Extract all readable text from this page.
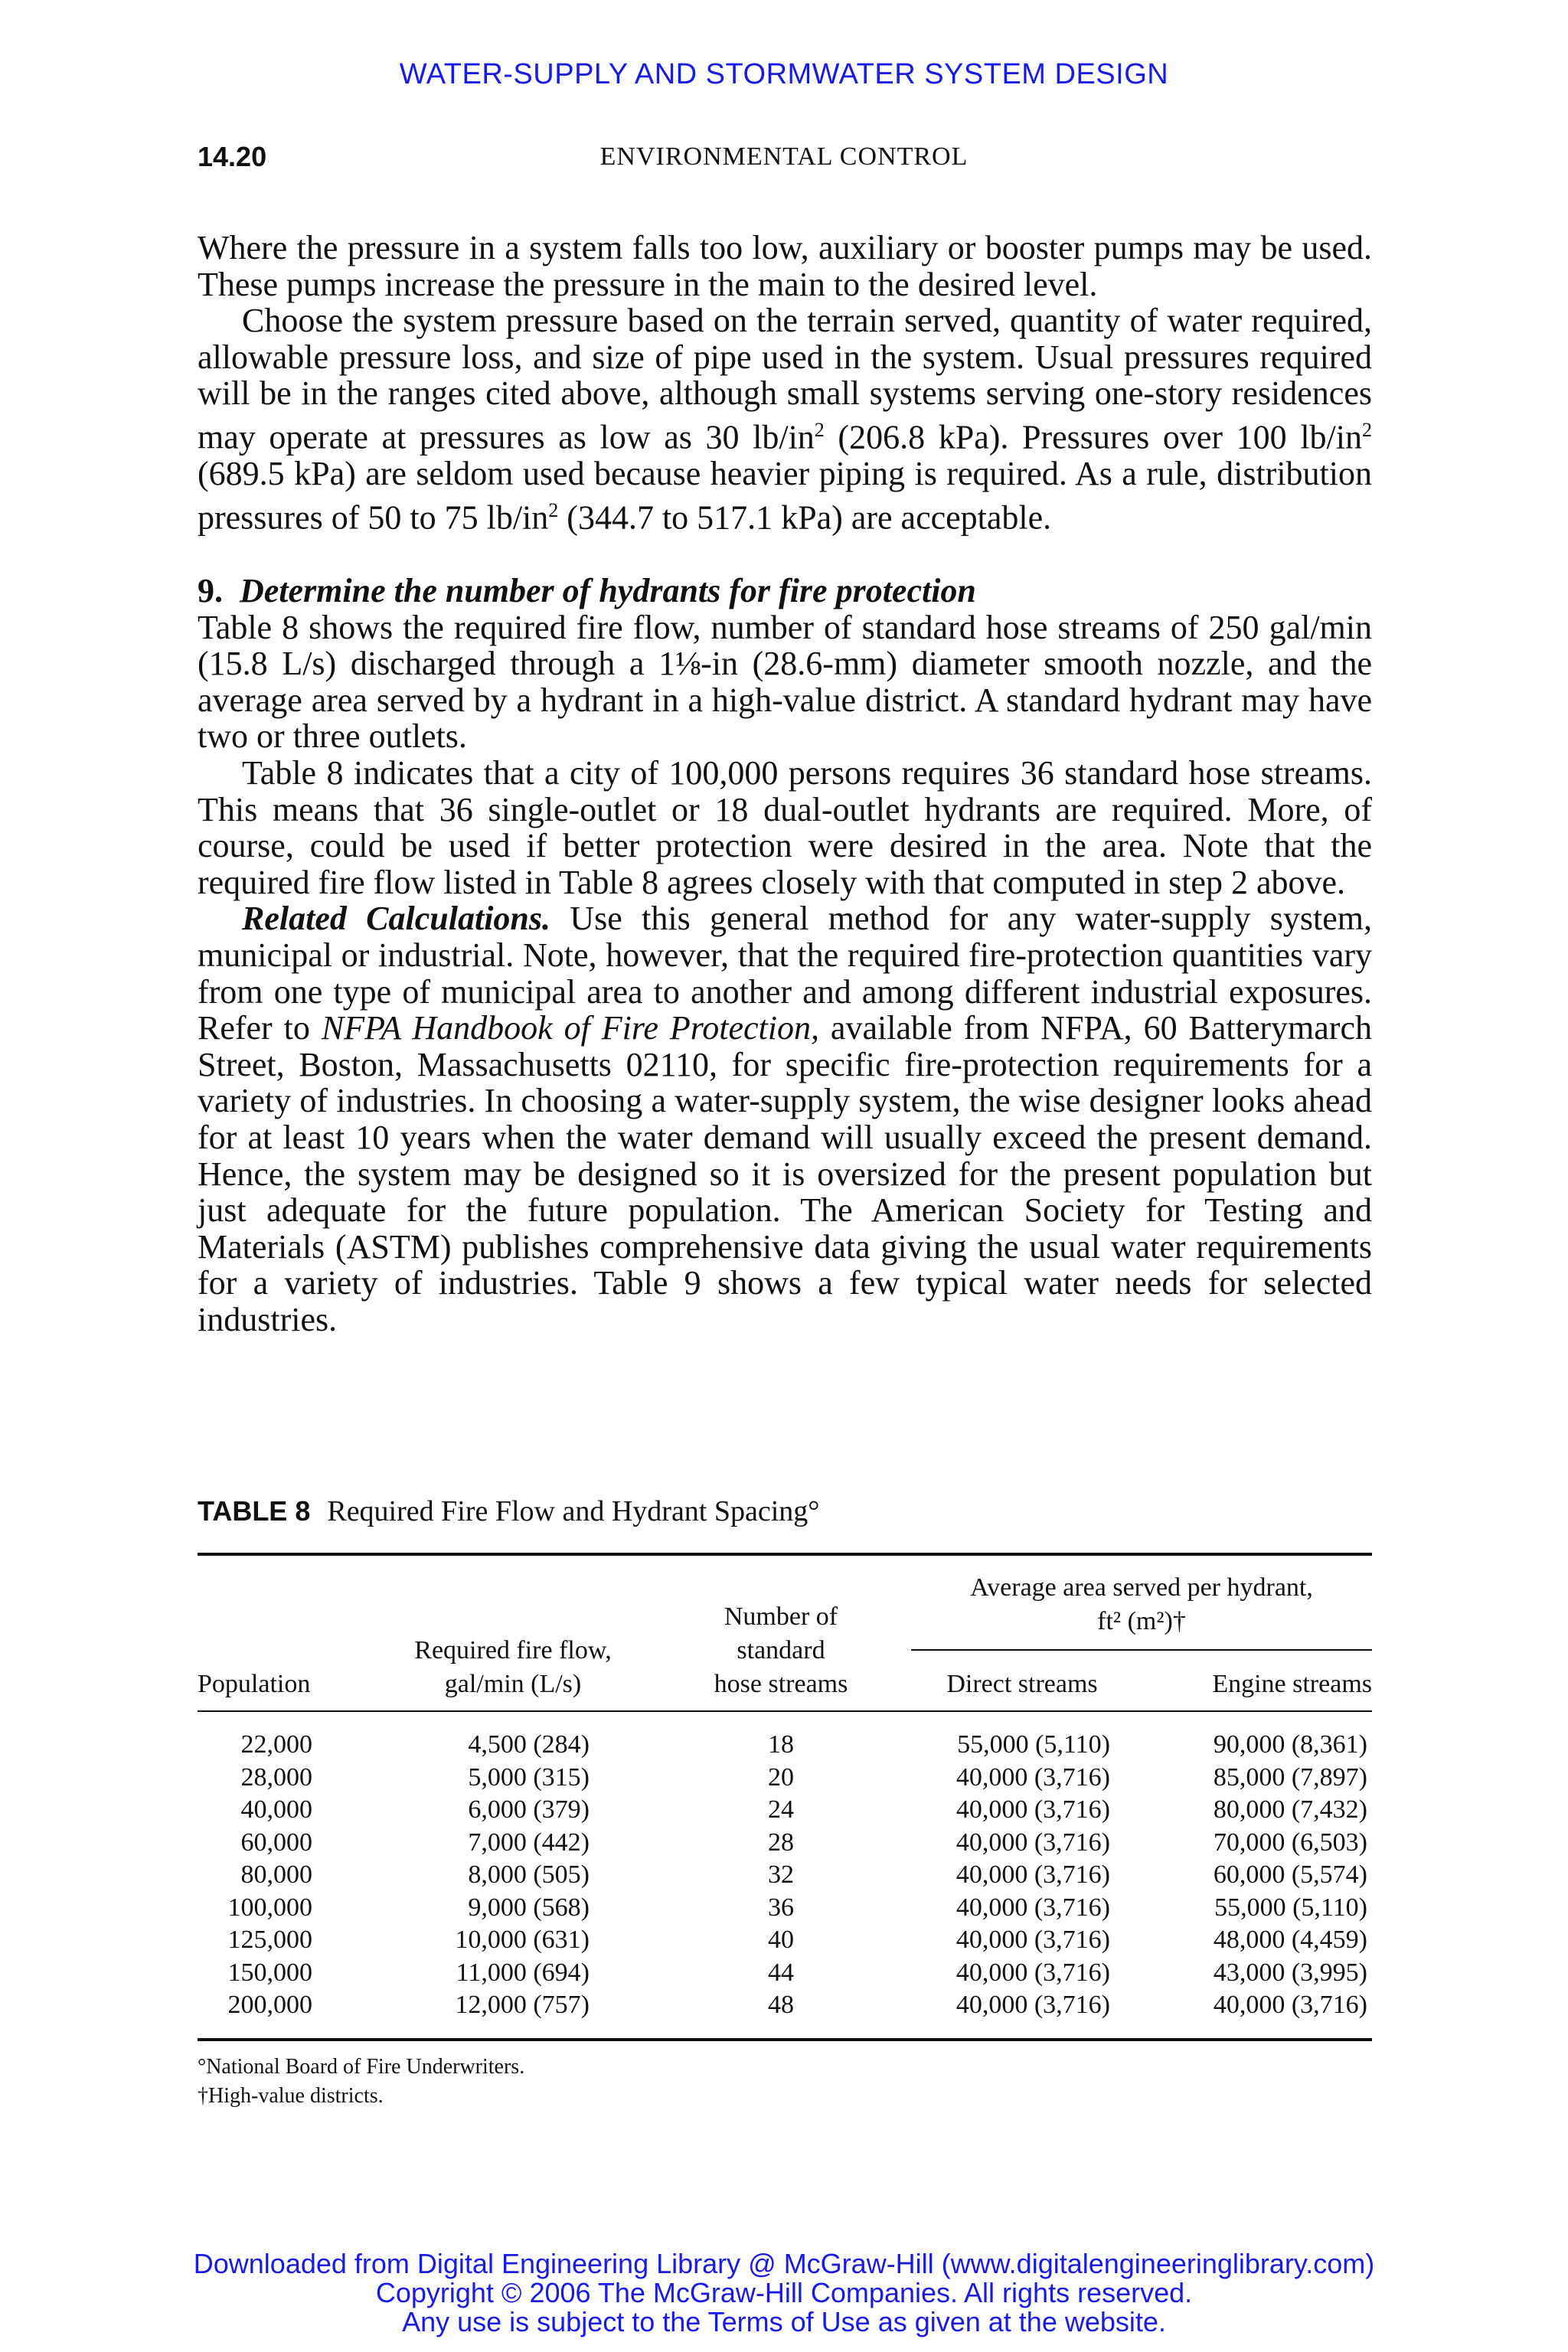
WATER-SUPPLY AND STORMWATER SYSTEM DESIGN
14.20	ENVIRONMENTAL CONTROL

Where the pressure in a system falls too low, auxiliary or booster pumps may be used. These pumps increase the pressure in the main to the desired level.

Choose the system pressure based on the terrain served, quantity of water required, allowable pressure loss, and size of pipe used in the system. Usual pressures required will be in the ranges cited above, although small systems serving one-story residences may operate at pressures as low as 30 $lb/in^2$ (206.8 kPa). Pressures over 100 $lb/in^2$ (689.5 kPa) are seldom used because heavier piping is required. As a rule, distribution pressures of 50 to 75 $lb/in^2$ (344.7 to 517.1 kPa) are acceptable.

9. Determine the number of hydrants for fire protection

Table 8 shows the required fire flow, number of standard hose streams of 250 gal/min (15.8 L/s) discharged through a 1⅛-in (28.6-mm) diameter smooth nozzle, and the average area served by a hydrant in a high-value district. A standard hydrant may have two or three outlets.

Table 8 indicates that a city of 100,000 persons requires 36 standard hose streams. This means that 36 single-outlet or 18 dual-outlet hydrants are required. More, of course, could be used if better protection were desired in the area. Note that the required fire flow listed in Table 8 agrees closely with that computed in step 2 above.

Related Calculations. Use this general method for any water-supply system, municipal or industrial. Note, however, that the required fire-protection quantities vary from one type of municipal area to another and among different industrial exposures. Refer to NFPA Handbook of Fire Protection, available from NFPA, 60 Batterymarch Street, Boston, Massachusetts 02110, for specific fire-protection requirements for a variety of industries. In choosing a water-supply system, the wise designer looks ahead for at least 10 years when the water demand will usually exceed the present demand. Hence, the system may be designed so it is oversized for the present population but just adequate for the future population. The American Society for Testing and Materials (ASTM) publishes comprehensive data giving the usual water requirements for a variety of industries. Table 9 shows a few typical water needs for selected industries.

TABLE 8 Required Fire Flow and Hydrant Spacing°
Population
Required fire flow,
gal/min (L/s)
Number of
standard
hose streams
Average area served per hydrant,
ft² (m²)†
Direct streams	Engine streams
22,000
28,000
40,000
60,000
80,000
100,000
125,000
150,000
200,000
4,500 (284)
5,000 (315)
6,000 (379)
7,000 (442)
8,000 (505)
9,000 (568)
10,000 (631)
11,000 (694)
12,000 (757)
18
20
24
28
32
36
40
44
48
55,000 (5,110)
40,000 (3,716)
40,000 (3,716)
40,000 (3,716)
40,000 (3,716)
40,000 (3,716)
40,000 (3,716)
40,000 (3,716)
40,000 (3,716)
90,000 (8,361)
85,000 (7,897)
80,000 (7,432)
70,000 (6,503)
60,000 (5,574)
55,000 (5,110)
48,000 (4,459)
43,000 (3,995)
40,000 (3,716)
°National Board of Fire Underwriters.
†High-value districts.
Downloaded from Digital Engineering Library @ McGraw-Hill (www.digitalengineeringlibrary.com)
Copyright © 2006 The McGraw-Hill Companies. All rights reserved.
Any use is subject to the Terms of Use as given at the website.
